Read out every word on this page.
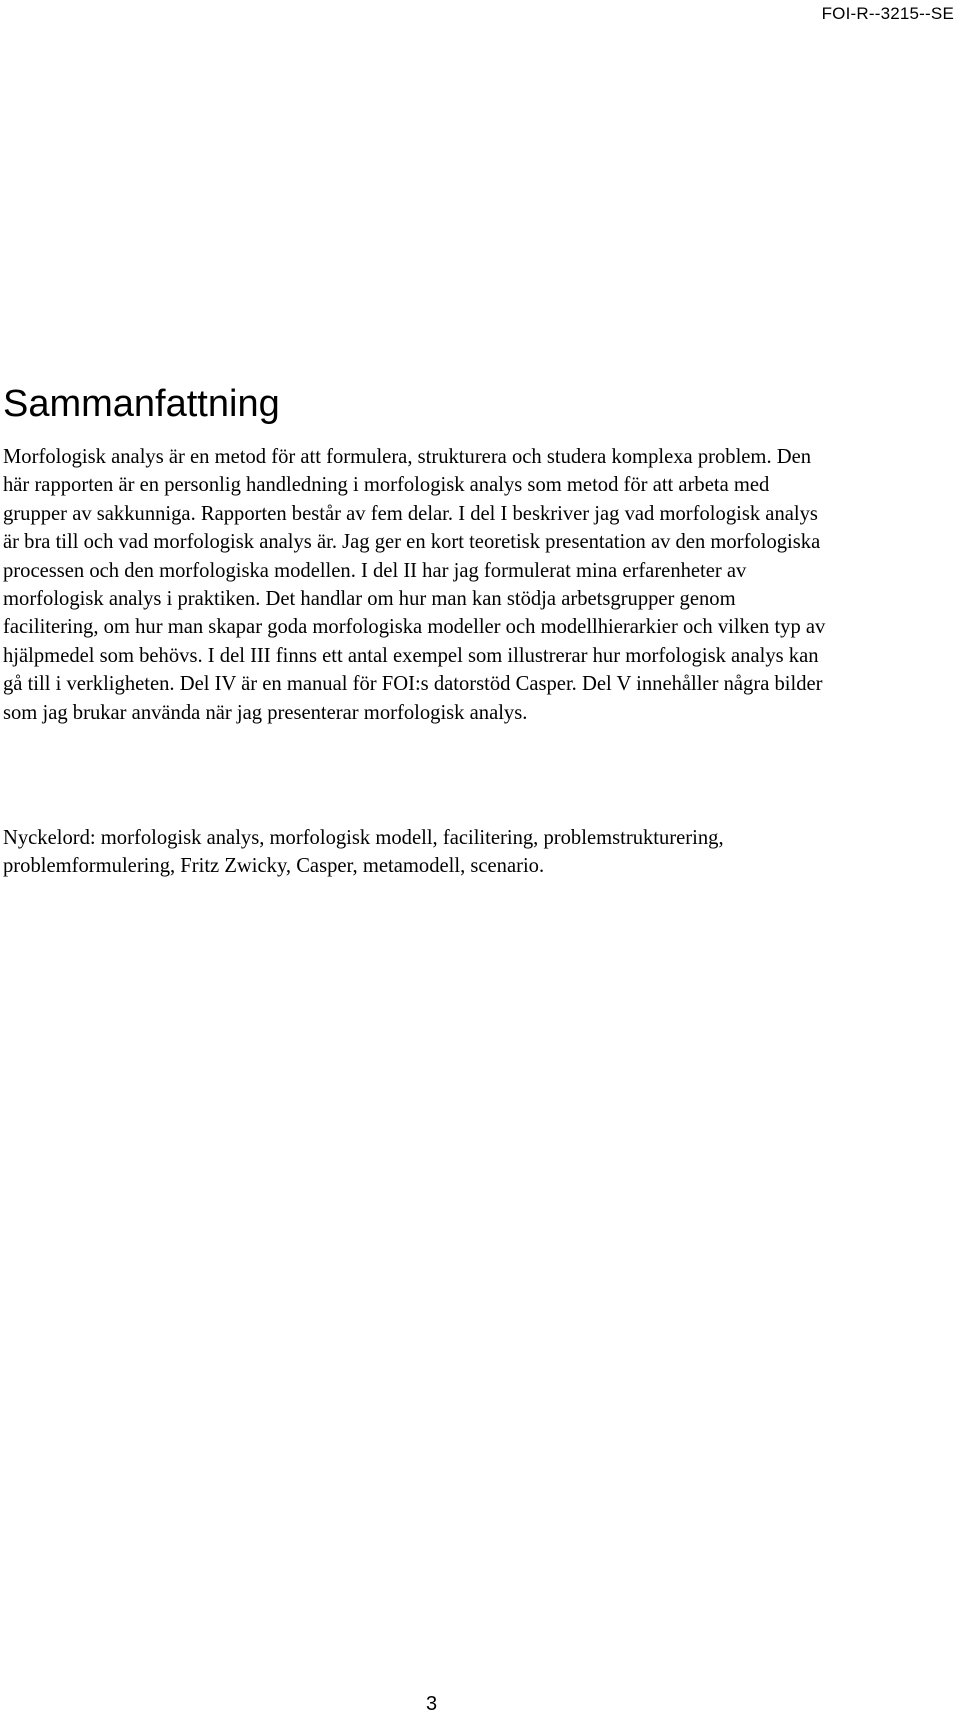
FOI-R--3215--SE
Sammanfattning

Morfologisk analys är en metod för att formulera, strukturera och studera komplexa problem. Den här rapporten är en personlig handledning i morfologisk analys som metod för att arbeta med grupper av sakkunniga. Rapporten består av fem delar. I del I beskriver jag vad morfologisk analys är bra till och vad morfologisk analys är. Jag ger en kort teoretisk presentation av den morfologiska processen och den morfologiska modellen. I del II har jag formulerat mina erfarenheter av morfologisk analys i praktiken. Det handlar om hur man kan stödja arbetsgrupper genom facilitering, om hur man skapar goda morfologiska modeller och modellhierarkier och vilken typ av hjälpmedel som behövs. I del III finns ett antal exempel som illustrerar hur morfologisk analys kan gå till i verkligheten. Del IV är en manual för FOI:s datorstöd Casper. Del V innehåller några bilder som jag brukar använda när jag presenterar morfologisk analys.

Nyckelord: morfologisk analys, morfologisk modell, facilitering, problemstrukturering, problemformulering, Fritz Zwicky, Casper, metamodell, scenario.

3
